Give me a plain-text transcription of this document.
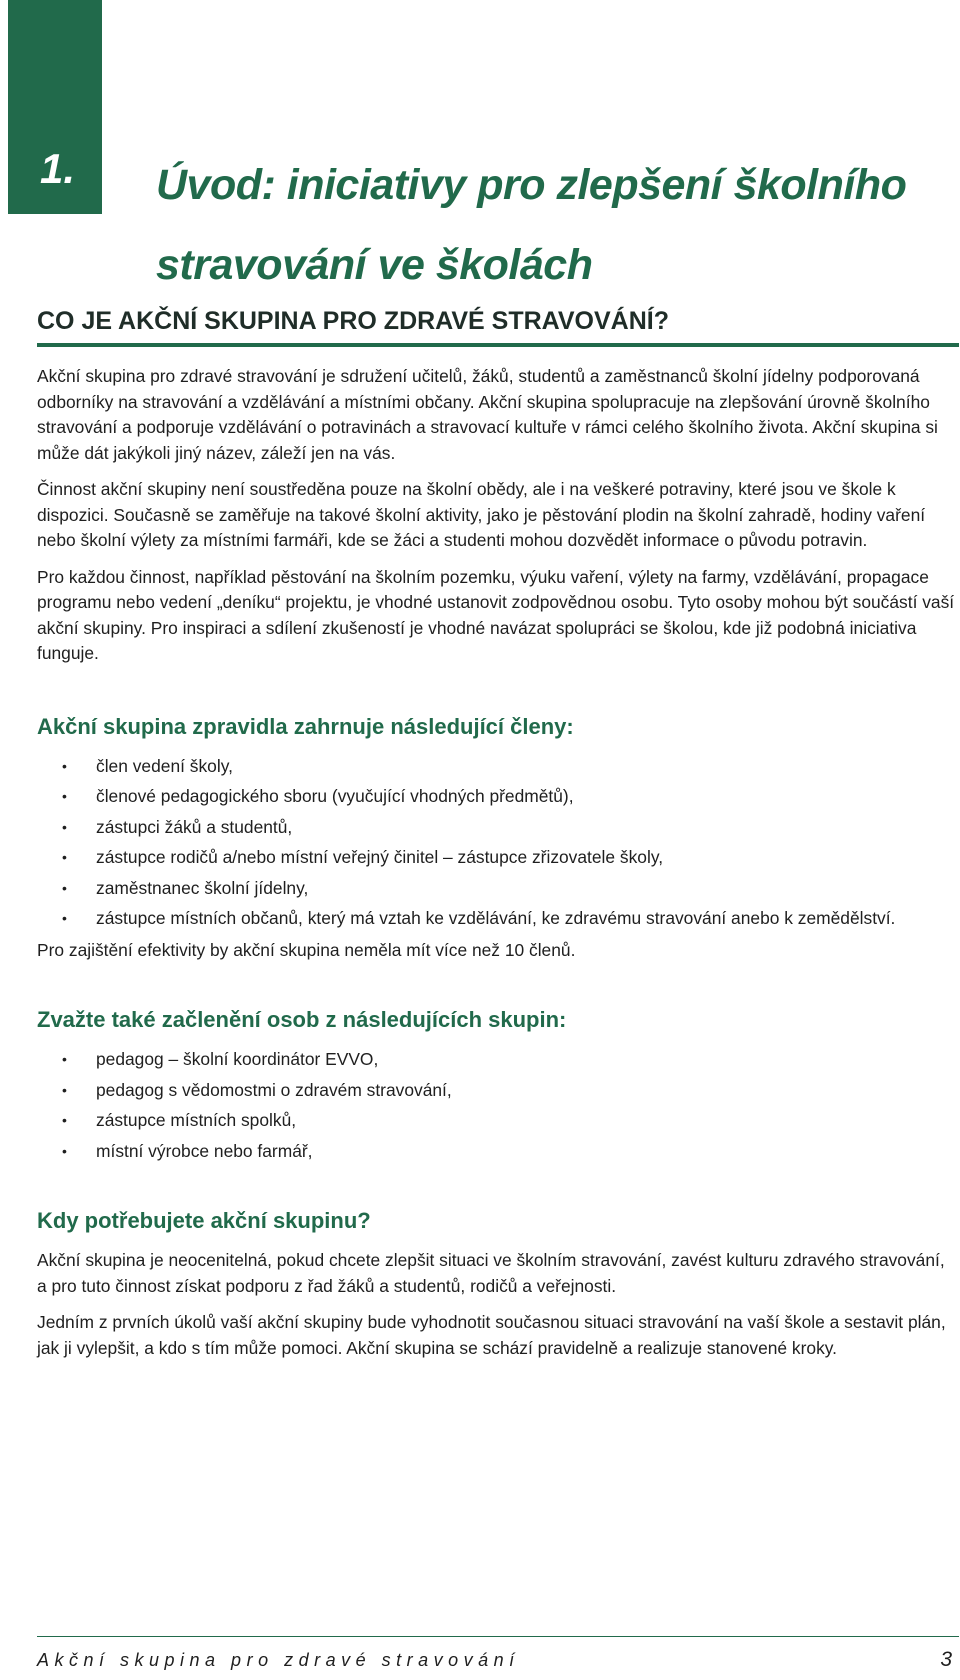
1. Úvod: iniciativy pro zlepšení školního
stravování ve školách
CO JE AKČNÍ SKUPINA PRO ZDRAVÉ STRAVOVÁNÍ?

Akční skupina pro zdravé stravování je sdružení učitelů, žáků, studentů a zaměstnanců školní jídelny podporovaná odborníky na stravování a vzdělávání a místními občany. Akční skupina spolupracuje na zlepšování úrovně školního stravování a podporuje vzdělávání o potravinách a stravovací kultuře v rámci celého školního života. Akční skupina si může dát jakýkoli jiný název, záleží jen na vás.

Činnost akční skupiny není soustředěna pouze na školní obědy, ale i na veškeré potraviny, které jsou ve škole k dispozici. Současně se zaměřuje na takové školní aktivity, jako je pěstování plodin na školní zahradě, hodiny vaření nebo školní výlety za místními farmáři, kde se žáci a studenti mohou dozvědět informace o původu potravin.

Pro každou činnost, například pěstování na školním pozemku, výuku vaření, výlety na farmy, vzdělávání, propagace programu nebo vedení „deníku“ projektu, je vhodné ustanovit zodpovědnou osobu. Tyto osoby mohou být součástí vaší akční skupiny. Pro inspiraci a sdílení zkušeností je vhodné navázat spolupráci se školou, kde již podobná iniciativa funguje.

Akční skupina zpravidla zahrnuje následující členy:
• člen vedení školy,
• členové pedagogického sboru (vyučující vhodných předmětů),
• zástupci žáků a studentů,
• zástupce rodičů a/nebo místní veřejný činitel – zástupce zřizovatele školy,
• zaměstnanec školní jídelny,
• zástupce místních občanů, který má vztah ke vzdělávání, ke zdravému stravování anebo k zemědělství.

Pro zajištění efektivity by akční skupina neměla mít více než 10 členů.

Zvažte také začlenění osob z následujících skupin:
• pedagog – školní koordinátor EVVO,
• pedagog s vědomostmi o zdravém stravování,
• zástupce místních spolků,
• místní výrobce nebo farmář,
Kdy potřebujete akční skupinu?

Akční skupina je neocenitelná, pokud chcete zlepšit situaci ve školním stravování, zavést kulturu zdravého stravování, a pro tuto činnost získat podporu z řad žáků a studentů, rodičů a veřejnosti.

Jedním z prvních úkolů vaší akční skupiny bude vyhodnotit současnou situaci stravování na vaší škole a sestavit plán, jak ji vylepšit, a kdo s tím může pomoci. Akční skupina se schází pravidelně a realizuje stanovené kroky.

Akční skupina pro zdravé stravování	3
